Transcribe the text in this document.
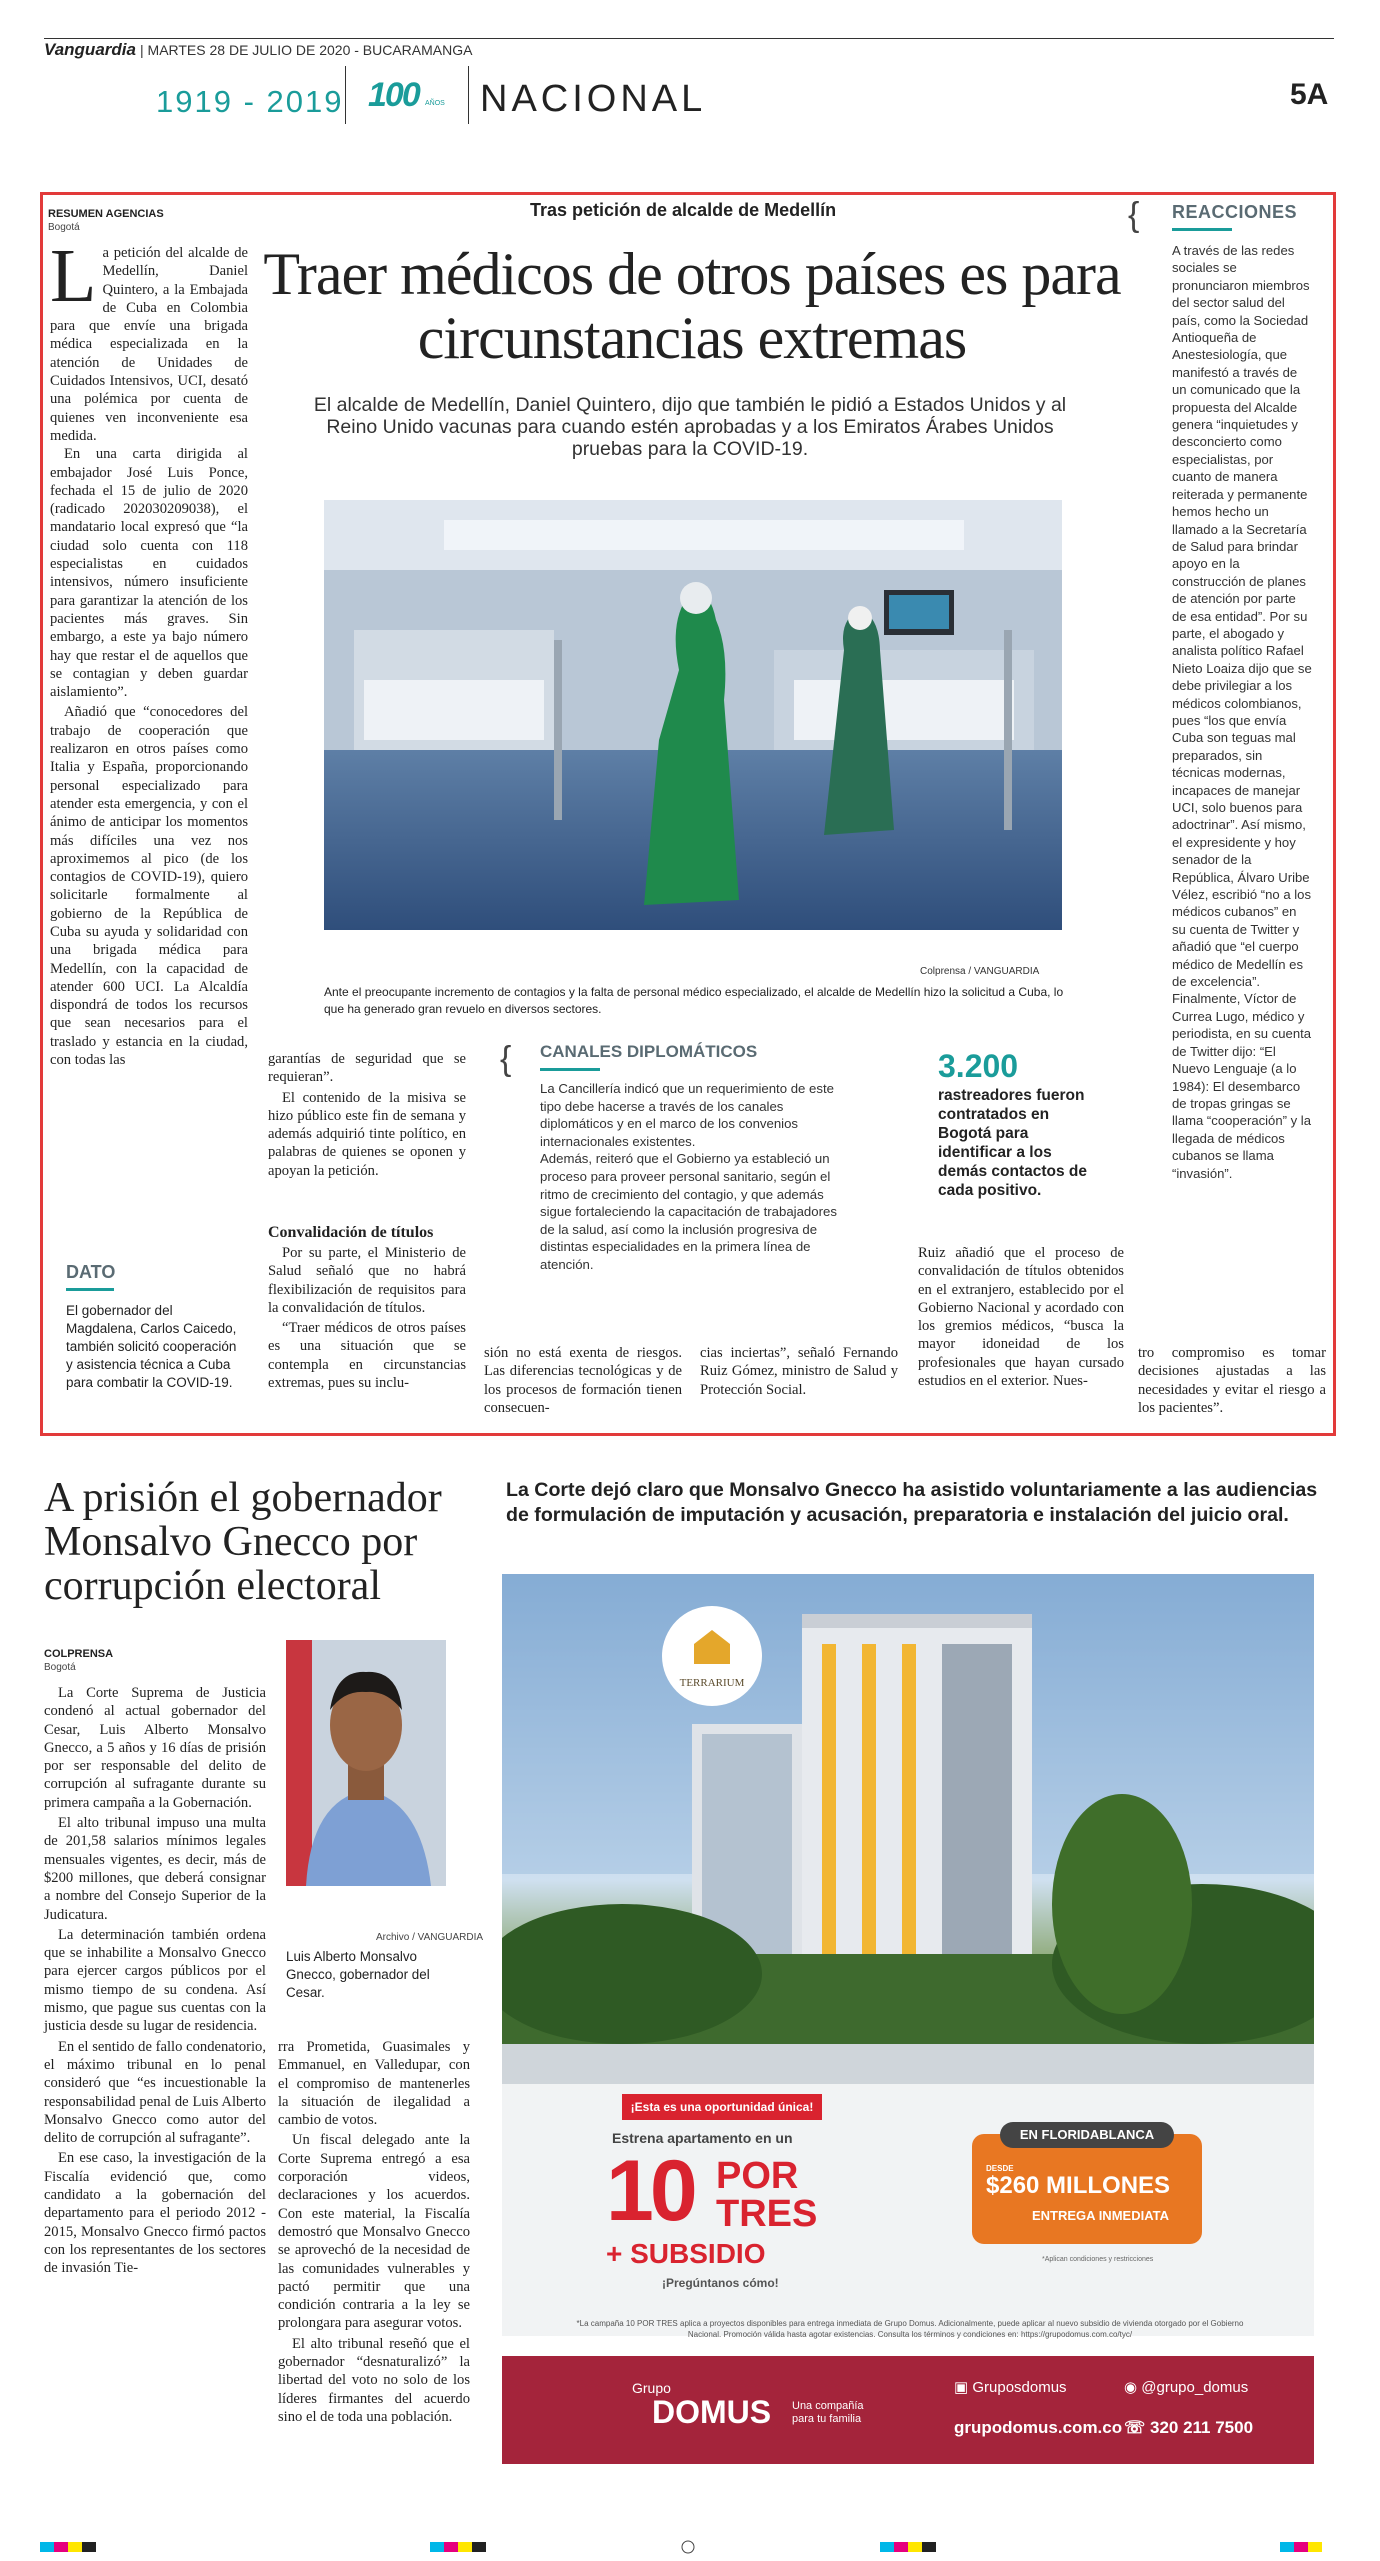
Vanguardia | MARTES 28 DE JULIO DE 2020 - BUCARAMANGA
1919 - 2019 100 AÑOS NACIONAL	5A
RESUMEN AGENCIAS
Bogotá
Tras petición de alcalde de Medellín
Traer médicos de otros países es para circunstancias extremas
El alcalde de Medellín, Daniel Quintero, dijo que también le pidió a Estados Unidos y al Reino Unido vacunas para cuando estén aprobadas y a los Emiratos Árabes Unidos pruebas para la COVID-19.
La petición del alcalde de Medellín, Daniel Quintero, a la Embajada de Cuba en Colombia para que envíe una brigada médica especializada en la atención de Unidades de Cuidados Intensivos, UCI, desató una polémica por cuenta de quienes ven inconveniente esa medida.

En una carta dirigida al embajador José Luis Ponce, fechada el 15 de julio de 2020 (radicado 202030209038), el mandatario local expresó que “la ciudad solo cuenta con 118 especialistas en cuidados intensivos, número insuficiente para garantizar la atención de los pacientes más graves. Sin embargo, a este ya bajo número hay que restar el de aquellos que se contagian y deben guardar aislamiento”.

Añadió que “conocedores del trabajo de cooperación que realizaron en otros países como Italia y España, proporcionando personal especializado para atender esta emergencia, y con el ánimo de anticipar los momentos más difíciles una vez nos aproximemos al pico (de los contagios de COVID-19), quiero solicitarle formalmente al gobierno de la República de Cuba su ayuda y solidaridad con una brigada médica para Medellín, con la capacidad de atender 600 UCI. La Alcaldía dispondrá de todos los recursos que sean necesarios para el traslado y estancia en la ciudad, con todas las

Colprensa / VANGUARDIA
Ante el preocupante incremento de contagios y la falta de personal médico especializado, el alcalde de Medellín hizo la solicitud a Cuba, lo que ha generado gran revuelo en diversos sectores.

garantías de seguridad que se requieran”.

El contenido de la misiva se hizo público este fin de semana y además adquirió tinte político, en palabras de quienes se oponen y apoyan la petición.

Convalidación de títulos

Por su parte, el Ministerio de Salud señaló que no habrá flexibilización de requisitos para la convalidación de títulos.

“Traer médicos de otros países es una situación que se contempla en circunstancias extremas, pues su inclu-

{ CANALES DIPLOMÁTICOS
La Cancillería indicó que un requerimiento de este tipo debe hacerse a través de los canales diplomáticos y en el marco de los convenios internacionales existentes.
Además, reiteró que el Gobierno ya estableció un proceso para proveer personal sanitario, según el ritmo de crecimiento del contagio, y que además sigue fortaleciendo la capacitación de trabajadores de la salud, así como la inclusión progresiva de distintas especialidades en la primera línea de atención.
3.200
rastreadores fueron contratados en Bogotá para identificar a los demás contactos de cada positivo.
sión no está exenta de riesgos. Las diferencias tecnológicas y de los procesos de formación tienen consecuen-
cias inciertas”, señaló Fernando Ruiz Gómez, ministro de Salud y Protección Social.
Ruiz añadió que el proceso de convalidación de títulos obtenidos en el extranjero, establecido por el Gobierno Nacional y acordado con los gremios médicos, “busca la mayor idoneidad de los profesionales que hayan cursado estudios en el exterior. Nues-
tro compromiso es tomar decisiones ajustadas a las necesidades y evitar el riesgo a los pacientes”.
{ REACCIONES
A través de las redes sociales se pronunciaron miembros del sector salud del país, como la Sociedad Antioqueña de Anestesiología, que manifestó a través de un comunicado que la propuesta del Alcalde genera “inquietudes y desconcierto como especialistas, por cuanto de manera reiterada y permanente hemos hecho un llamado a la Secretaría de Salud para brindar apoyo en la construcción de planes de atención por parte de esa entidad”. Por su parte, el abogado y analista político Rafael Nieto Loaiza dijo que se debe privilegiar a los médicos colombianos, pues “los que envía Cuba son teguas mal preparados, sin técnicas modernas, incapaces de manejar UCI, solo buenos para adoctrinar”. Así mismo, el expresidente y hoy senador de la República, Álvaro Uribe Vélez, escribió “no a los médicos cubanos” en su cuenta de Twitter y añadió que “el cuerpo médico de Medellín es de excelencia”. Finalmente, Víctor de Currea Lugo, médico y periodista, en su cuenta de Twitter dijo: “El Nuevo Lenguaje (a lo 1984): El desembarco de tropas gringas se llama “cooperación” y la llegada de médicos cubanos se llama “invasión”.
DATO
El gobernador del Magdalena, Carlos Caicedo, también solicitó cooperación y asistencia técnica a Cuba para combatir la COVID-19.
A prisión el gobernador Monsalvo Gnecco por corrupción electoral
COLPRENSA
Bogotá

La Corte Suprema de Justicia condenó al actual gobernador del Cesar, Luis Alberto Monsalvo Gnecco, a 5 años y 16 días de prisión por ser responsable del delito de corrupción al sufragante durante su primera campaña a la Gobernación.

El alto tribunal impuso una multa de 201,58 salarios mínimos legales mensuales vigentes, es decir, más de $200 millones, que deberá consignar a nombre del Consejo Superior de la Judicatura.

La determinación también ordena que se inhabilite a Monsalvo Gnecco para ejercer cargos públicos por el mismo tiempo de su condena. Así mismo, que pague sus cuentas con la justicia desde su lugar de residencia.

En el sentido de fallo condenatorio, el máximo tribunal en lo penal consideró que “es incuestionable la responsabilidad penal de Luis Alberto Monsalvo Gnecco como autor del delito de corrupción al sufragante”.

En ese caso, la investigación de la Fiscalía evidenció que, como candidato a la gobernación del departamento para el periodo 2012 - 2015, Monsalvo Gnecco firmó pactos con los representantes de los sectores de invasión Tie-

Archivo / VANGUARDIA
Luis Alberto Monsalvo Gnecco, gobernador del Cesar.

rra Prometida, Guasimales y Emmanuel, en Valledupar, con el compromiso de mantenerles la situación de ilegalidad a cambio de votos.

Un fiscal delegado ante la Corte Suprema entregó a esa corporación videos, declaraciones y los acuerdos. Con este material, la Fiscalía demostró que Monsalvo Gnecco se aprovechó de la necesidad de las comunidades vulnerables y pactó permitir que una condición contraria a la ley se prolongara para asegurar votos.

El alto tribunal reseñó que el gobernador “desnaturalizó” la libertad del voto no solo de los líderes firmantes del acuerdo sino el de toda una población.

La Corte dejó claro que Monsalvo Gnecco ha asistido voluntariamente a las audiencias de formulación de imputación y acusación, preparatoria e instalación del juicio oral.
TERRARIUM
¡Esta es una oportunidad única!
Estrena apartamento en un
10 POR
TRES
+ SUBSIDIO
¡Pregúntanos cómo!
EN FLORIDABLANCA
DESDE
$260 MILLONES
ENTREGA INMEDIATA
*Aplican condiciones y restricciones
*La campaña 10 POR TRES aplica a proyectos disponibles para entrega inmediata de Grupo Domus. Adicionalmente, puede aplicar al nuevo subsidio de vivienda otorgado por el Gobierno Nacional. Promoción válida hasta agotar existencias. Consulta los términos y condiciones en: https://grupodomus.com.co/tyc/
Grupo
DOMUS Una compañía para tu familia
▣ Gruposdomus	◉ @grupo_domus
grupodomus.com.co ☏ 320 211 7500
